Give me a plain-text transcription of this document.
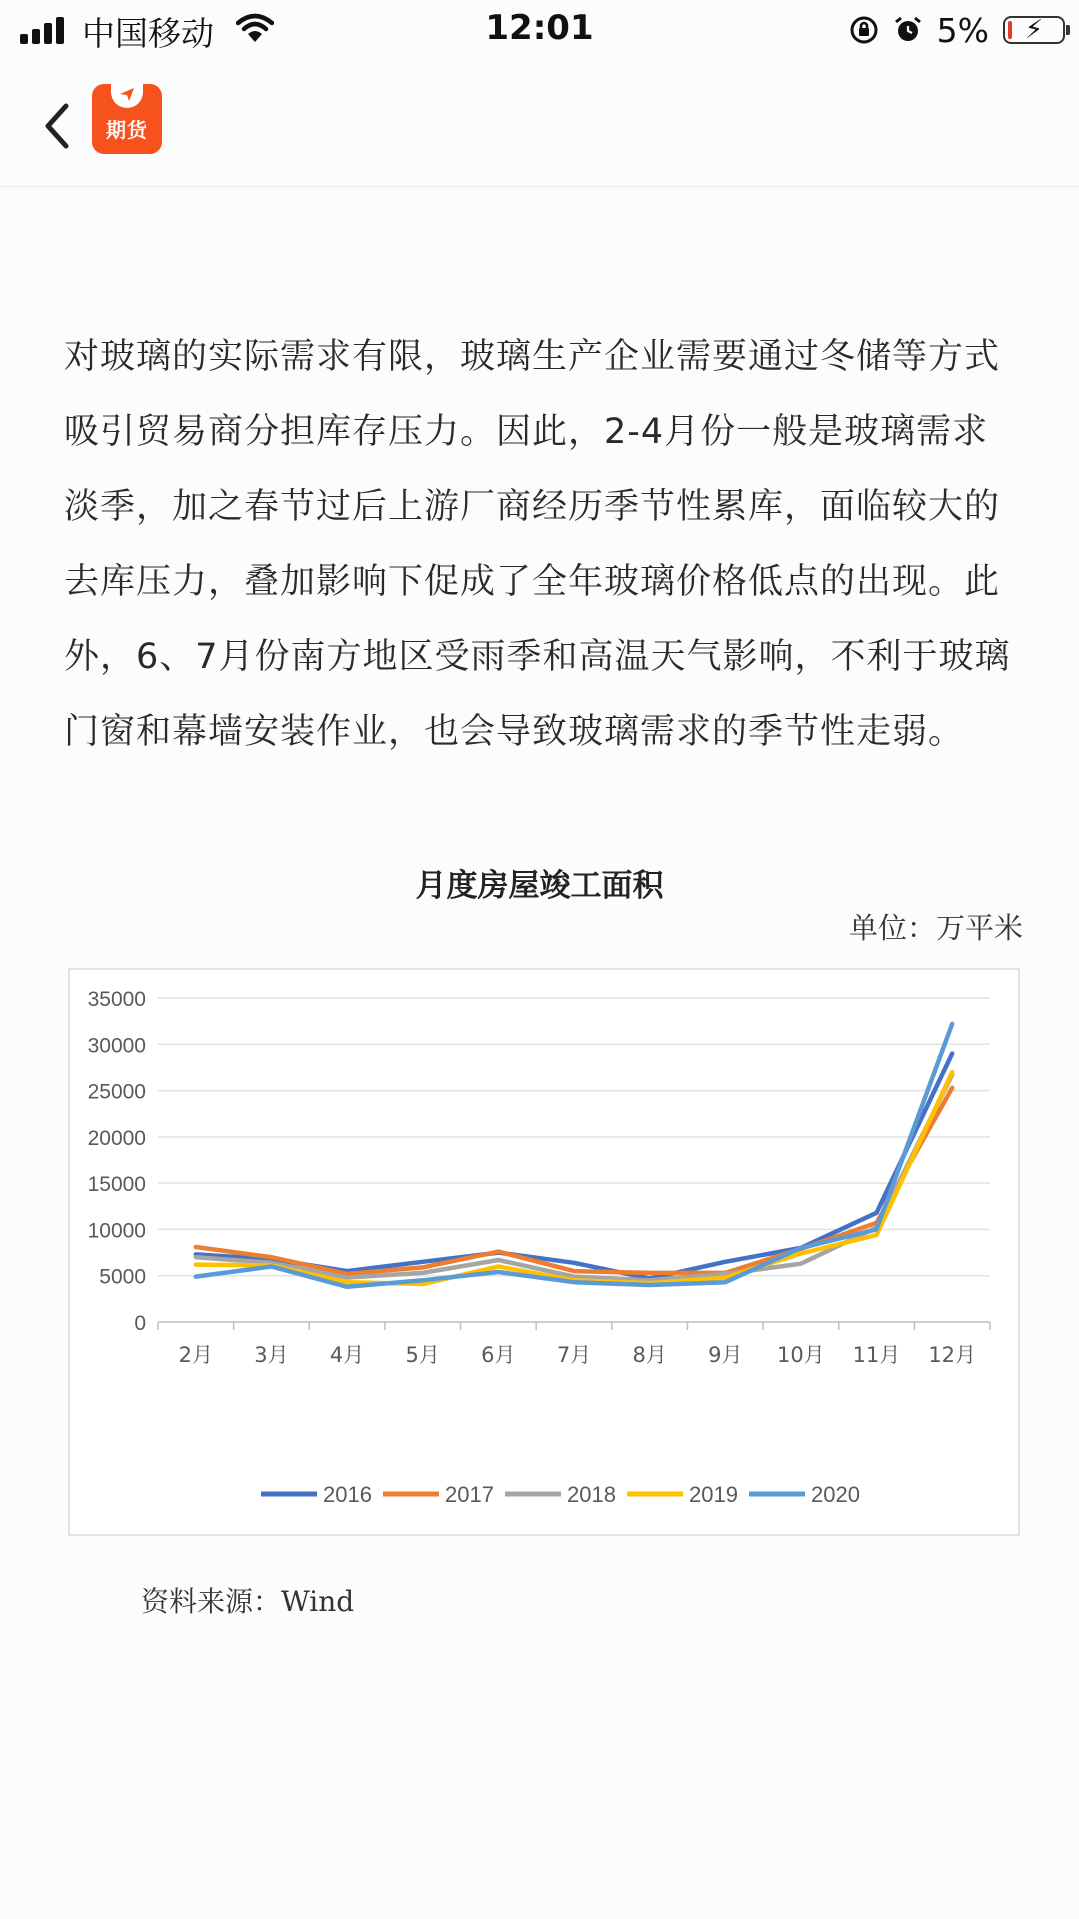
中国移动	12:01	5%	⚡
期货

对玻璃的实际需求有限，玻璃生产企业需要通过冬储等方式吸引贸易商分担库存压力。因此，2-4月份一般是玻璃需求淡季，加之春节过后上游厂商经历季节性累库，面临较大的去库压力，叠加影响下促成了全年玻璃价格低点的出现。此外，6、7月份南方地区受雨季和高温天气影响，不利于玻璃门窗和幕墙安装作业，也会导致玻璃需求的季节性走弱。

月度房屋竣工面积
单位：万平米
0
5000
10000
15000
20000
25000
30000
35000
2月 3月 4月 5月 6月 7月 8月 9月 10月 11月 12月
2016	2017	2018	2019	2020
资料来源：Wind
